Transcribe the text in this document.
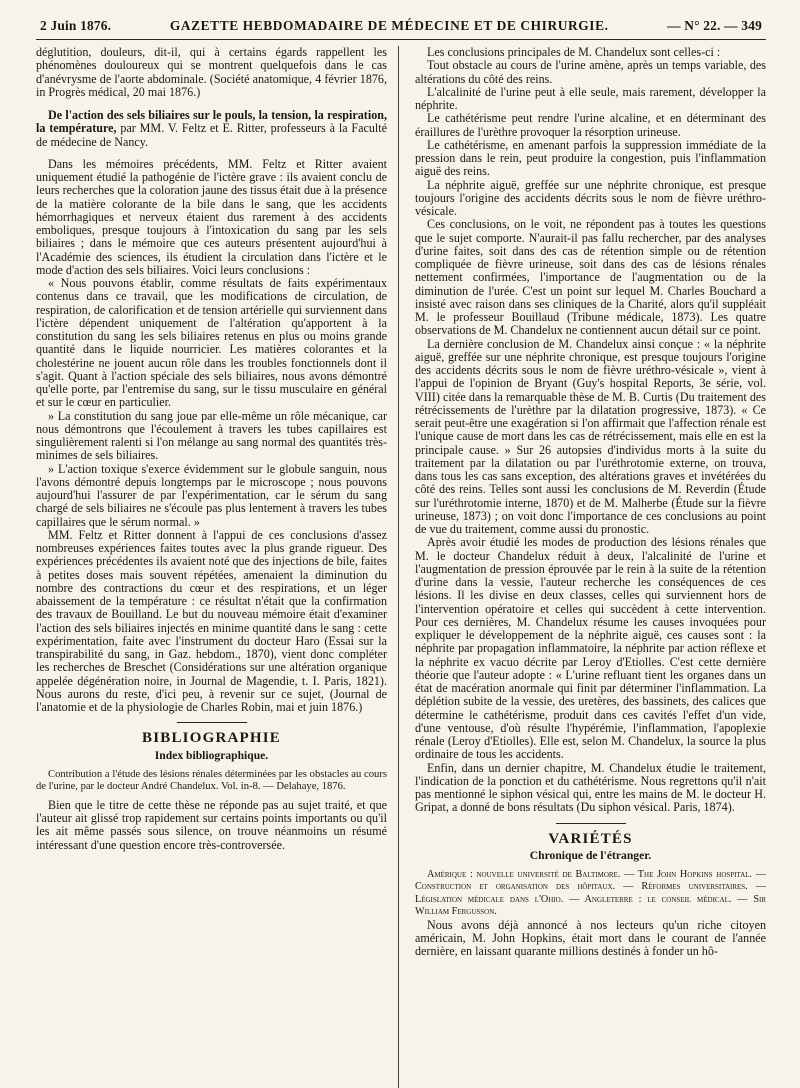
2 Juin 1876.	GAZETTE HEBDOMADAIRE DE MÉDECINE ET DE CHIRURGIE.	— N° 22. — 349

déglutition, douleurs, dit-il, qui à certains égards rappellent les phénomènes douloureux qui se montrent quelquefois dans le cas d'anévrysme de l'aorte abdominale. (Société anatomique, 4 février 1876, in Progrès médical, 20 mai 1876.)

De l'action des sels biliaires sur le pouls, la tension, la respiration, la température, par MM. V. Feltz et E. Ritter, professeurs à la Faculté de médecine de Nancy.

Dans les mémoires précédents, MM. Feltz et Ritter avaient uniquement étudié la pathogénie de l'ictère grave : ils avaient conclu de leurs recherches que la coloration jaune des tissus était due à la présence de la matière colorante de la bile dans le sang, que les accidents hémorrhagiques et nerveux étaient dus rarement à des accidents emboliques, presque toujours à l'intoxication du sang par les sels biliaires ; dans le mémoire que ces auteurs présentent aujourd'hui à l'Académie des sciences, ils étudient la circulation dans l'ictère et le mode d'action des sels biliaires. Voici leurs conclusions :

« Nous pouvons établir, comme résultats de faits expérimentaux contenus dans ce travail, que les modifications de circulation, de respiration, de calorification et de tension artérielle qui surviennent dans l'ictère dépendent uniquement de l'altération qu'apportent à la constitution du sang les sels biliaires retenus en plus ou moins grande quantité dans le liquide nourricier. Les matières colorantes et la cholestérine ne jouent aucun rôle dans les troubles fonctionnels dont il s'agit. Quant à l'action spéciale des sels biliaires, nous avons démontré qu'elle porte, par l'entremise du sang, sur le tissu musculaire en général et sur le cœur en particulier.

» La constitution du sang joue par elle-même un rôle mécanique, car nous démontrons que l'écoulement à travers les tubes capillaires est singulièrement ralenti si l'on mélange au sang normal des quantités très-minimes de sels biliaires.

» L'action toxique s'exerce évidemment sur le globule sanguin, nous l'avons démontré depuis longtemps par le microscope ; nous pouvons aujourd'hui l'assurer de par l'expérimentation, car le sérum du sang chargé de sels biliaires ne s'écoule pas plus lentement à travers les tubes capillaires que le sérum normal. »

MM. Feltz et Ritter donnent à l'appui de ces conclusions d'assez nombreuses expériences faites toutes avec la plus grande rigueur. Des expériences précédentes ils avaient noté que des injections de bile, faites à petites doses mais souvent répétées, amenaient la diminution du nombre des contractions du cœur et des respirations, et un léger abaissement de la température : ce résultat n'était que la confirmation des travaux de Bouilland. Le but du nouveau mémoire était d'examiner l'action des sels biliaires injectés en minime quantité dans le sang : cette expérimentation, faite avec l'instrument du docteur Haro (Essai sur la transpirabilité du sang, in Gaz. hebdom., 1870), vient donc compléter les recherches de Breschet (Considérations sur une altération organique appelée dégénération noire, in Journal de Magendie, t. I. Paris, 1821). Nous aurons du reste, d'ici peu, à revenir sur ce sujet, (Journal de l'anatomie et de la physiologie de Charles Robin, mai et juin 1876.)

BIBLIOGRAPHIE
Index bibliographique.

Contribution a l'étude des lésions rénales déterminées par les obstacles au cours de l'urine, par le docteur André Chandelux. Vol. in-8. — Delahaye, 1876.

Bien que le titre de cette thèse ne réponde pas au sujet traité, et que l'auteur ait glissé trop rapidement sur certains points importants ou qu'il les ait même passés sous silence, on trouve néanmoins un résumé intéressant d'une question encore très-controversée.

Les conclusions principales de M. Chandelux sont celles-ci :

Tout obstacle au cours de l'urine amène, après un temps variable, des altérations du côté des reins.

L'alcalinité de l'urine peut à elle seule, mais rarement, développer la néphrite.

Le cathétérisme peut rendre l'urine alcaline, et en déterminant des éraillures de l'urèthre provoquer la résorption urineuse.

Le cathétérisme, en amenant parfois la suppression immédiate de la pression dans le rein, peut produire la congestion, puis l'inflammation aiguë des reins.

La néphrite aiguë, greffée sur une néphrite chronique, est presque toujours l'origine des accidents décrits sous le nom de fièvre uréthro-vésicale.

Ces conclusions, on le voit, ne répondent pas à toutes les questions que le sujet comporte. N'aurait-il pas fallu rechercher, par des analyses d'urine faites, soit dans des cas de rétention simple ou de rétention compliquée de fièvre urineuse, soit dans des cas de lésions rénales nettement confirmées, l'importance de l'augmentation ou de la diminution de l'urée. C'est un point sur lequel M. Charles Bouchard a insisté avec raison dans ses cliniques de la Charité, alors qu'il suppléait M. le professeur Bouillaud (Tribune médicale, 1873). Les quatre observations de M. Chandelux ne contiennent aucun détail sur ce point.

La dernière conclusion de M. Chandelux ainsi conçue : « la néphrite aiguë, greffée sur une néphrite chronique, est presque toujours l'origine des accidents décrits sous le nom de fièvre uréthro-vésicale », vient à l'appui de l'opinion de Bryant (Guy's hospital Reports, 3e série, vol. VIII) citée dans la remarquable thèse de M. B. Curtis (Du traitement des rétrécissements de l'urèthre par la dilatation progressive, 1873). « Ce serait peut-être une exagération si l'on affirmait que l'affection rénale est l'unique cause de mort dans les cas de rétrécissement, mais elle en est la principale cause. » Sur 26 autopsies d'individus morts à la suite du traitement par la dilatation ou par l'uréthrotomie externe, on trouva, dans tous les cas sans exception, des altérations graves et invétérées du côté des reins. Telles sont aussi les conclusions de M. Reverdin (Étude sur l'uréthrotomie interne, 1870) et de M. Malherbe (Étude sur la fièvre urineuse, 1873) ; on voit donc l'importance de ces conclusions au point de vue du traitement, comme aussi du pronostic.

Après avoir étudié les modes de production des lésions rénales que M. le docteur Chandelux réduit à deux, l'alcalinité de l'urine et l'augmentation de pression éprouvée par le rein à la suite de la rétention d'urine dans la vessie, l'auteur recherche les conséquences de ces lésions. Il les divise en deux classes, celles qui surviennent hors de l'intervention opératoire et celles qui succèdent à cette intervention. Pour ces dernières, M. Chandelux résume les causes invoquées pour expliquer le développement de la néphrite aiguë, ces causes sont : la néphrite par propagation inflammatoire, la néphrite par action réflexe et la néphrite ex vacuo décrite par Leroy d'Etiolles. C'est cette dernière théorie que l'auteur adopte : « L'urine refluant tient les organes dans un état de macération anormale qui finit par déterminer l'inflammation. La déplétion subite de la vessie, des uretères, des bassinets, des calices que détermine le cathétérisme, produit dans ces cavités l'effet d'un vide, d'une ventouse, d'où résulte l'hypérémie, l'inflammation, l'apoplexie rénale (Leroy d'Etiolles). Elle est, selon M. Chandelux, la source la plus ordinaire de tous les accidents.

Enfin, dans un dernier chapitre, M. Chandelux étudie le traitement, l'indication de la ponction et du cathétérisme. Nous regrettons qu'il n'ait pas mentionné le siphon vésical qui, entre les mains de M. le docteur H. Gripat, a donné de bons résultats (Du siphon vésical. Paris, 1874).

VARIÉTÉS
Chronique de l'étranger.

Amérique : nouvelle université de Baltimore. — The John Hopkins hospital. — Construction et organisation des hôpitaux. — Réformes universitaires. — Législation médicale dans l'Ohio. — Angleterre : le conseil médical. — Sir William Fergusson.

Nous avons déjà annoncé à nos lecteurs qu'un riche citoyen américain, M. John Hopkins, était mort dans le courant de l'année dernière, en laissant quarante millions destinés à fonder un hô-
